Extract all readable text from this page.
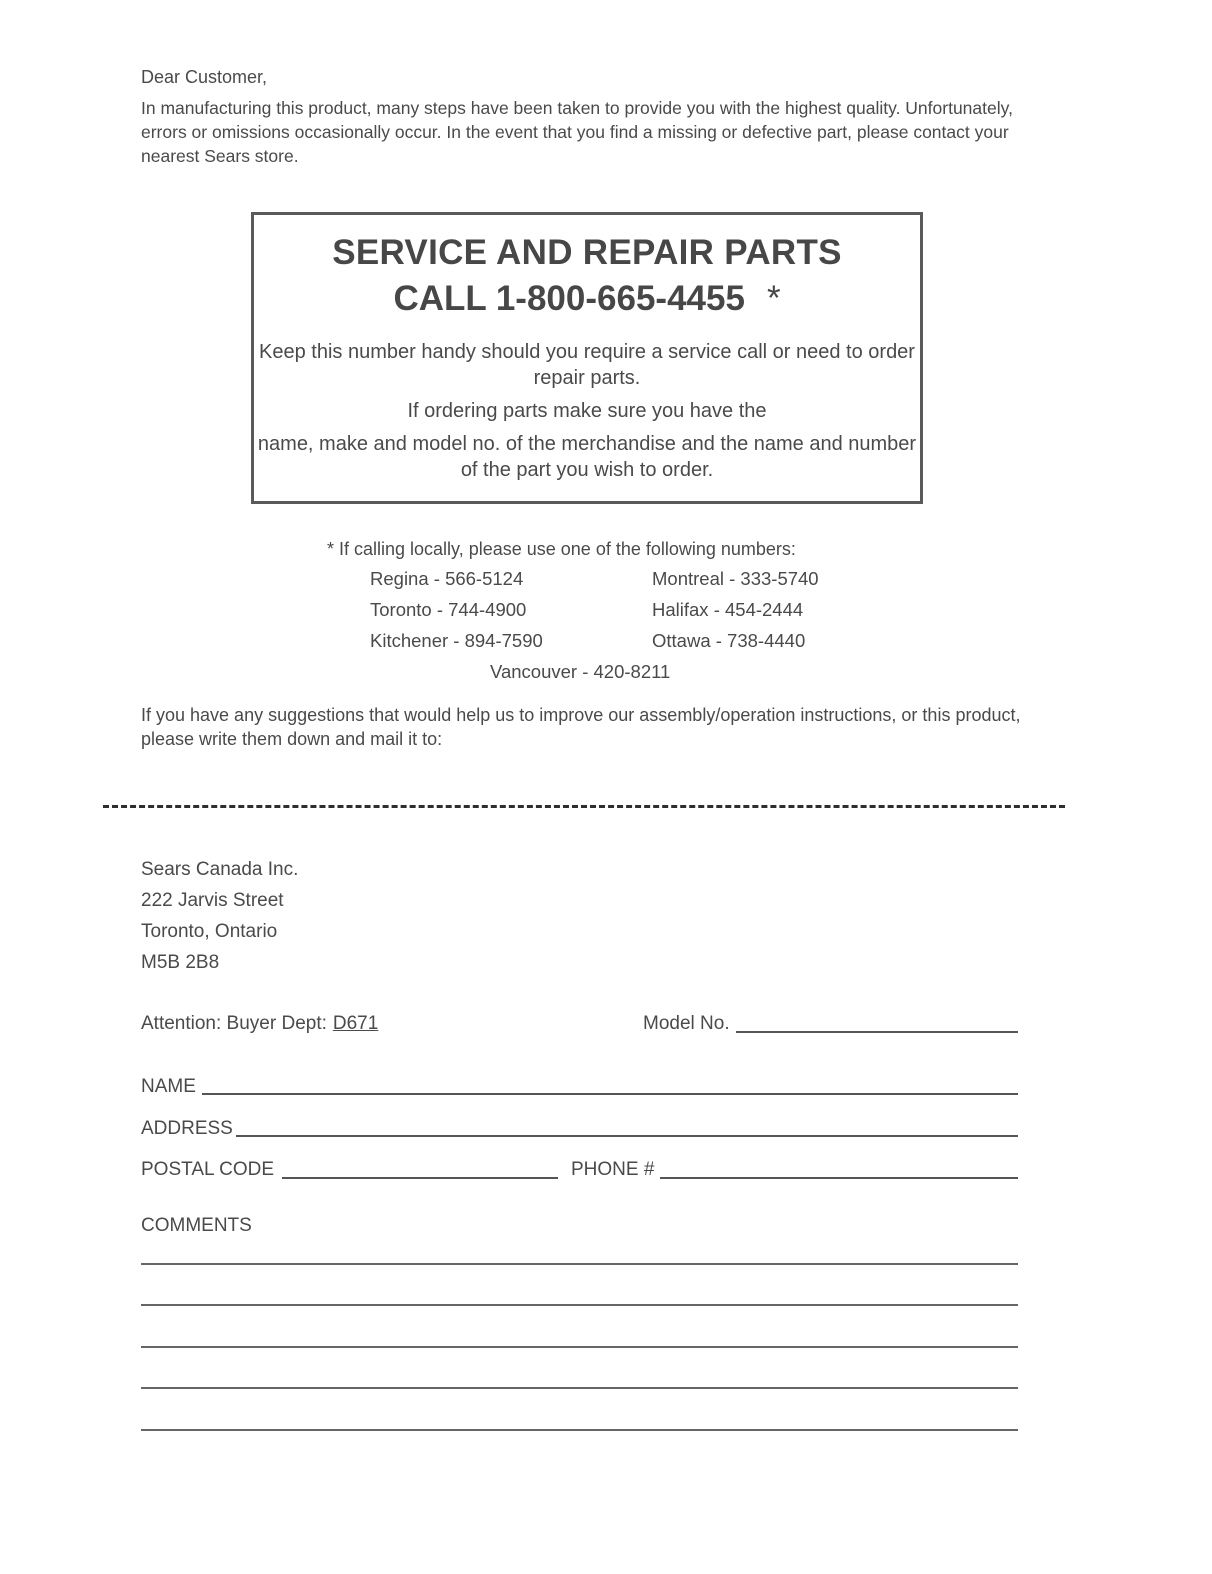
Dear Customer,
In manufacturing this product, many steps have been taken to provide you with the highest quality. Unfortunately, errors or omissions occasionally occur. In the event that you find a missing or defective part, please contact your nearest Sears store.
SERVICE AND REPAIR PARTS
CALL 1-800-665-4455 *
Keep this number handy should you require a service call or need to order repair parts.
If ordering parts make sure you have the
name, make and model no. of the merchandise and the name and number of the part you wish to order.
* If calling locally, please use one of the following numbers:
Regina - 566-5124	Montreal - 333-5740
Toronto - 744-4900	Halifax - 454-2444
Kitchener - 894-7590	Ottawa - 738-4440
Vancouver - 420-8211
If you have any suggestions that would help us to improve our assembly/operation instructions, or this product, please write them down and mail it to:
Sears Canada Inc.
222 Jarvis Street
Toronto, Ontario
M5B 2B8
Attention: Buyer Dept: D671	Model No.
NAME
ADDRESS
POSTAL CODE	PHONE #
COMMENTS
